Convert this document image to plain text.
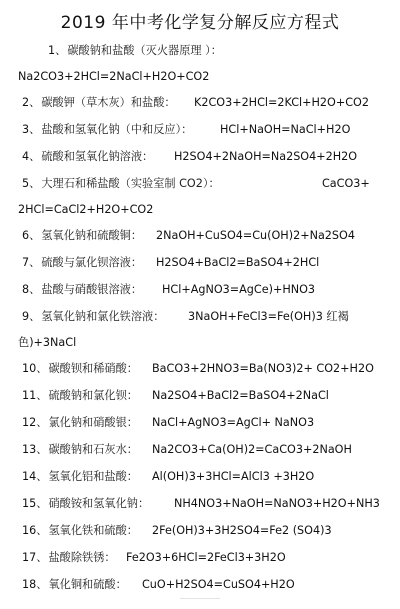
2019 年中考化学复分解反应方程式
1、碳酸钠和盐酸（灭火器原理 ）：
Na2CO3+2HCl=2NaCl+H2O+CO2
2、碳酸钾（草木灰）和盐酸： K2CO3+2HCl=2KCl+H2O+CO2
3、盐酸和氢氧化钠（中和反应）： HCl+NaOH=NaCl+H2O
4、硫酸和氢氧化钠溶液： H2SO4+2NaOH=Na2SO4+2H2O
5、大理石和稀盐酸（实验室制 CO2）：	CaCO3+
2HCl=CaCl2+H2O+CO2
6、氢氧化钠和硫酸铜： 2NaOH+CuSO4=Cu(OH)2+Na2SO4
7、硫酸与氯化钡溶液： H2SO4+BaCl2=BaSO4+2HCl
8、盐酸与硝酸银溶液： HCl+AgNO3=AgCe)+HNO3
9、氢氧化钠和氯化铁溶液： 3NaOH+FeCl3=Fe(OH)3 红褐
色)+3NaCl
10、碳酸钡和稀硝酸： BaCO3+2HNO3=Ba(NO3)2+ CO2+H2O
11、硫酸钠和氯化钡： Na2SO4+BaCl2=BaSO4+2NaCl
12、氯化钠和硝酸银： NaCl+AgNO3=AgCl+ NaNO3
13、碳酸钠和石灰水： Na2CO3+Ca(OH)2=CaCO3+2NaOH
14、氢氧化铝和盐酸： Al(OH)3+3HCl=AlCl3 +3H2O
15、硝酸铵和氢氧化钠： NH4NO3+NaOH=NaNO3+H2O+NH3
16、氢氧化铁和硫酸： 2Fe(OH)3+3H2SO4=Fe2 (SO4)3
17、盐酸除铁锈： Fe2O3+6HCl=2FeCl3+3H2O
18、氧化铜和硫酸： CuO+H2SO4=CuSO4+H2O
